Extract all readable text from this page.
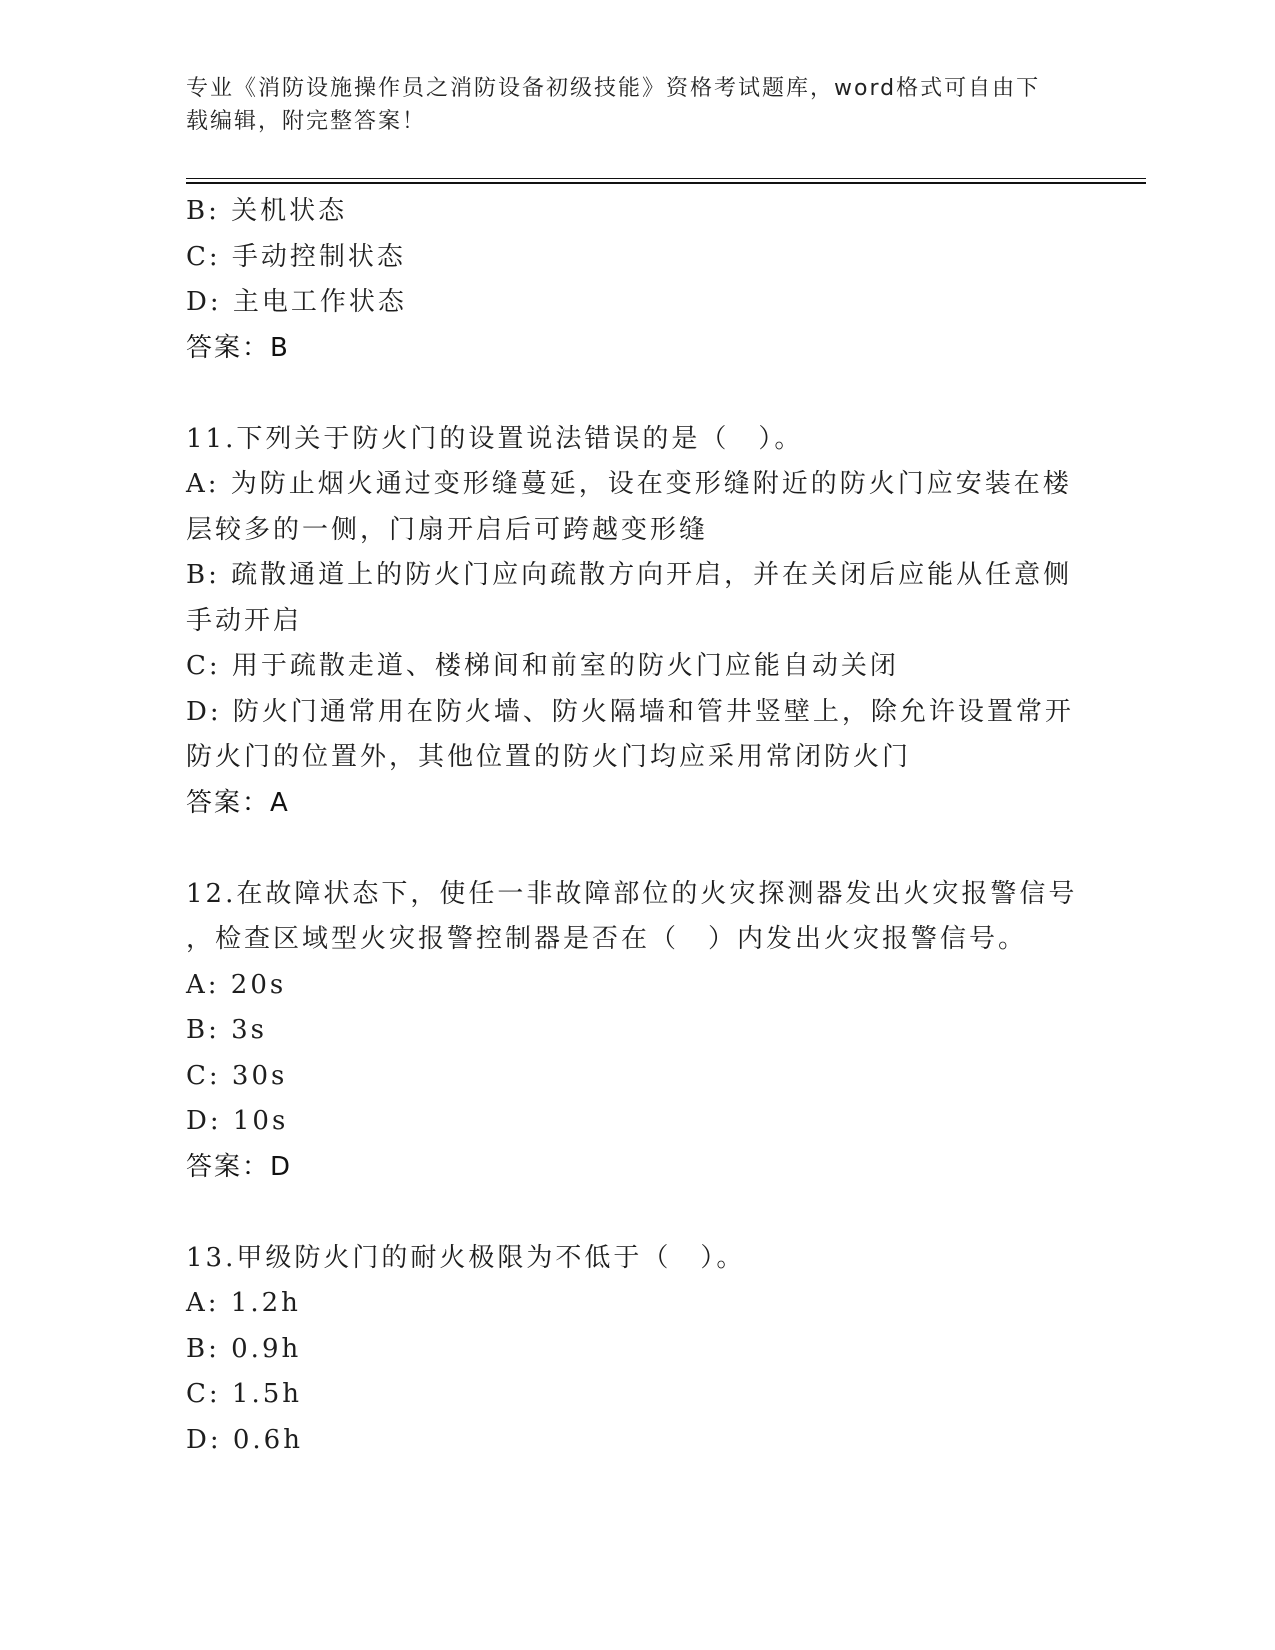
专业《消防设施操作员之消防设备初级技能》资格考试题库，word格式可自由下
载编辑，附完整答案！
B: 关机状态
C: 手动控制状态
D: 主电工作状态
答案：B
11.下列关于防火门的设置说法错误的是（　）。
A: 为防止烟火通过变形缝蔓延，设在变形缝附近的防火门应安装在楼
层较多的一侧，门扇开启后可跨越变形缝
B: 疏散通道上的防火门应向疏散方向开启，并在关闭后应能从任意侧
手动开启
C: 用于疏散走道、楼梯间和前室的防火门应能自动关闭
D: 防火门通常用在防火墙、防火隔墙和管井竖壁上，除允许设置常开
防火门的位置外，其他位置的防火门均应采用常闭防火门
答案：A
12.在故障状态下，使任一非故障部位的火灾探测器发出火灾报警信号
，检查区域型火灾报警控制器是否在（　）内发出火灾报警信号。
A: 20s
B: 3s
C: 30s
D: 10s
答案：D
13.甲级防火门的耐火极限为不低于（　）。
A: 1.2h
B: 0.9h
C: 1.5h
D: 0.6h
